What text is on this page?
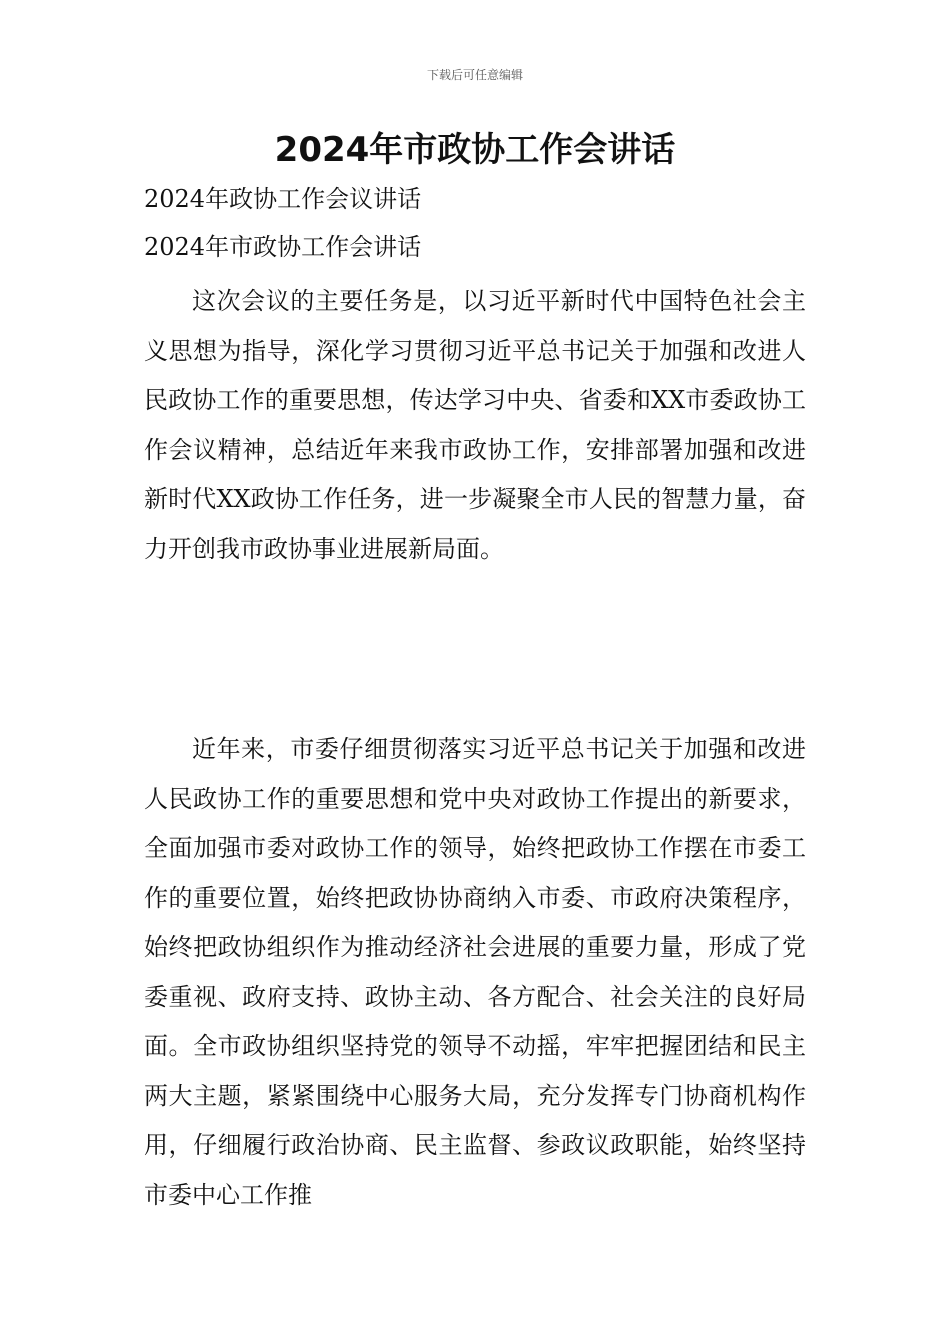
下载后可任意编辑
2024年市政协工作会讲话
2024年政协工作会议讲话
2024年市政协工作会讲话

这次会议的主要任务是，以习近平新时代中国特色社会主义思想为指导，深化学习贯彻习近平总书记关于加强和改进人民政协工作的重要思想，传达学习中央、省委和XX市委政协工作会议精神，总结近年来我市政协工作，安排部署加强和改进新时代XX政协工作任务，进一步凝聚全市人民的智慧力量，奋力开创我市政协事业进展新局面。

近年来，市委仔细贯彻落实习近平总书记关于加强和改进人民政协工作的重要思想和党中央对政协工作提出的新要求，全面加强市委对政协工作的领导，始终把政协工作摆在市委工作的重要位置，始终把政协协商纳入市委、市政府决策程序，始终把政协组织作为推动经济社会进展的重要力量，形成了党委重视、政府支持、政协主动、各方配合、社会关注的良好局面。全市政协组织坚持党的领导不动摇，牢牢把握团结和民主两大主题，紧紧围绕中心服务大局，充分发挥专门协商机构作用，仔细履行政治协商、民主监督、参政议政职能，始终坚持市委中心工作推
